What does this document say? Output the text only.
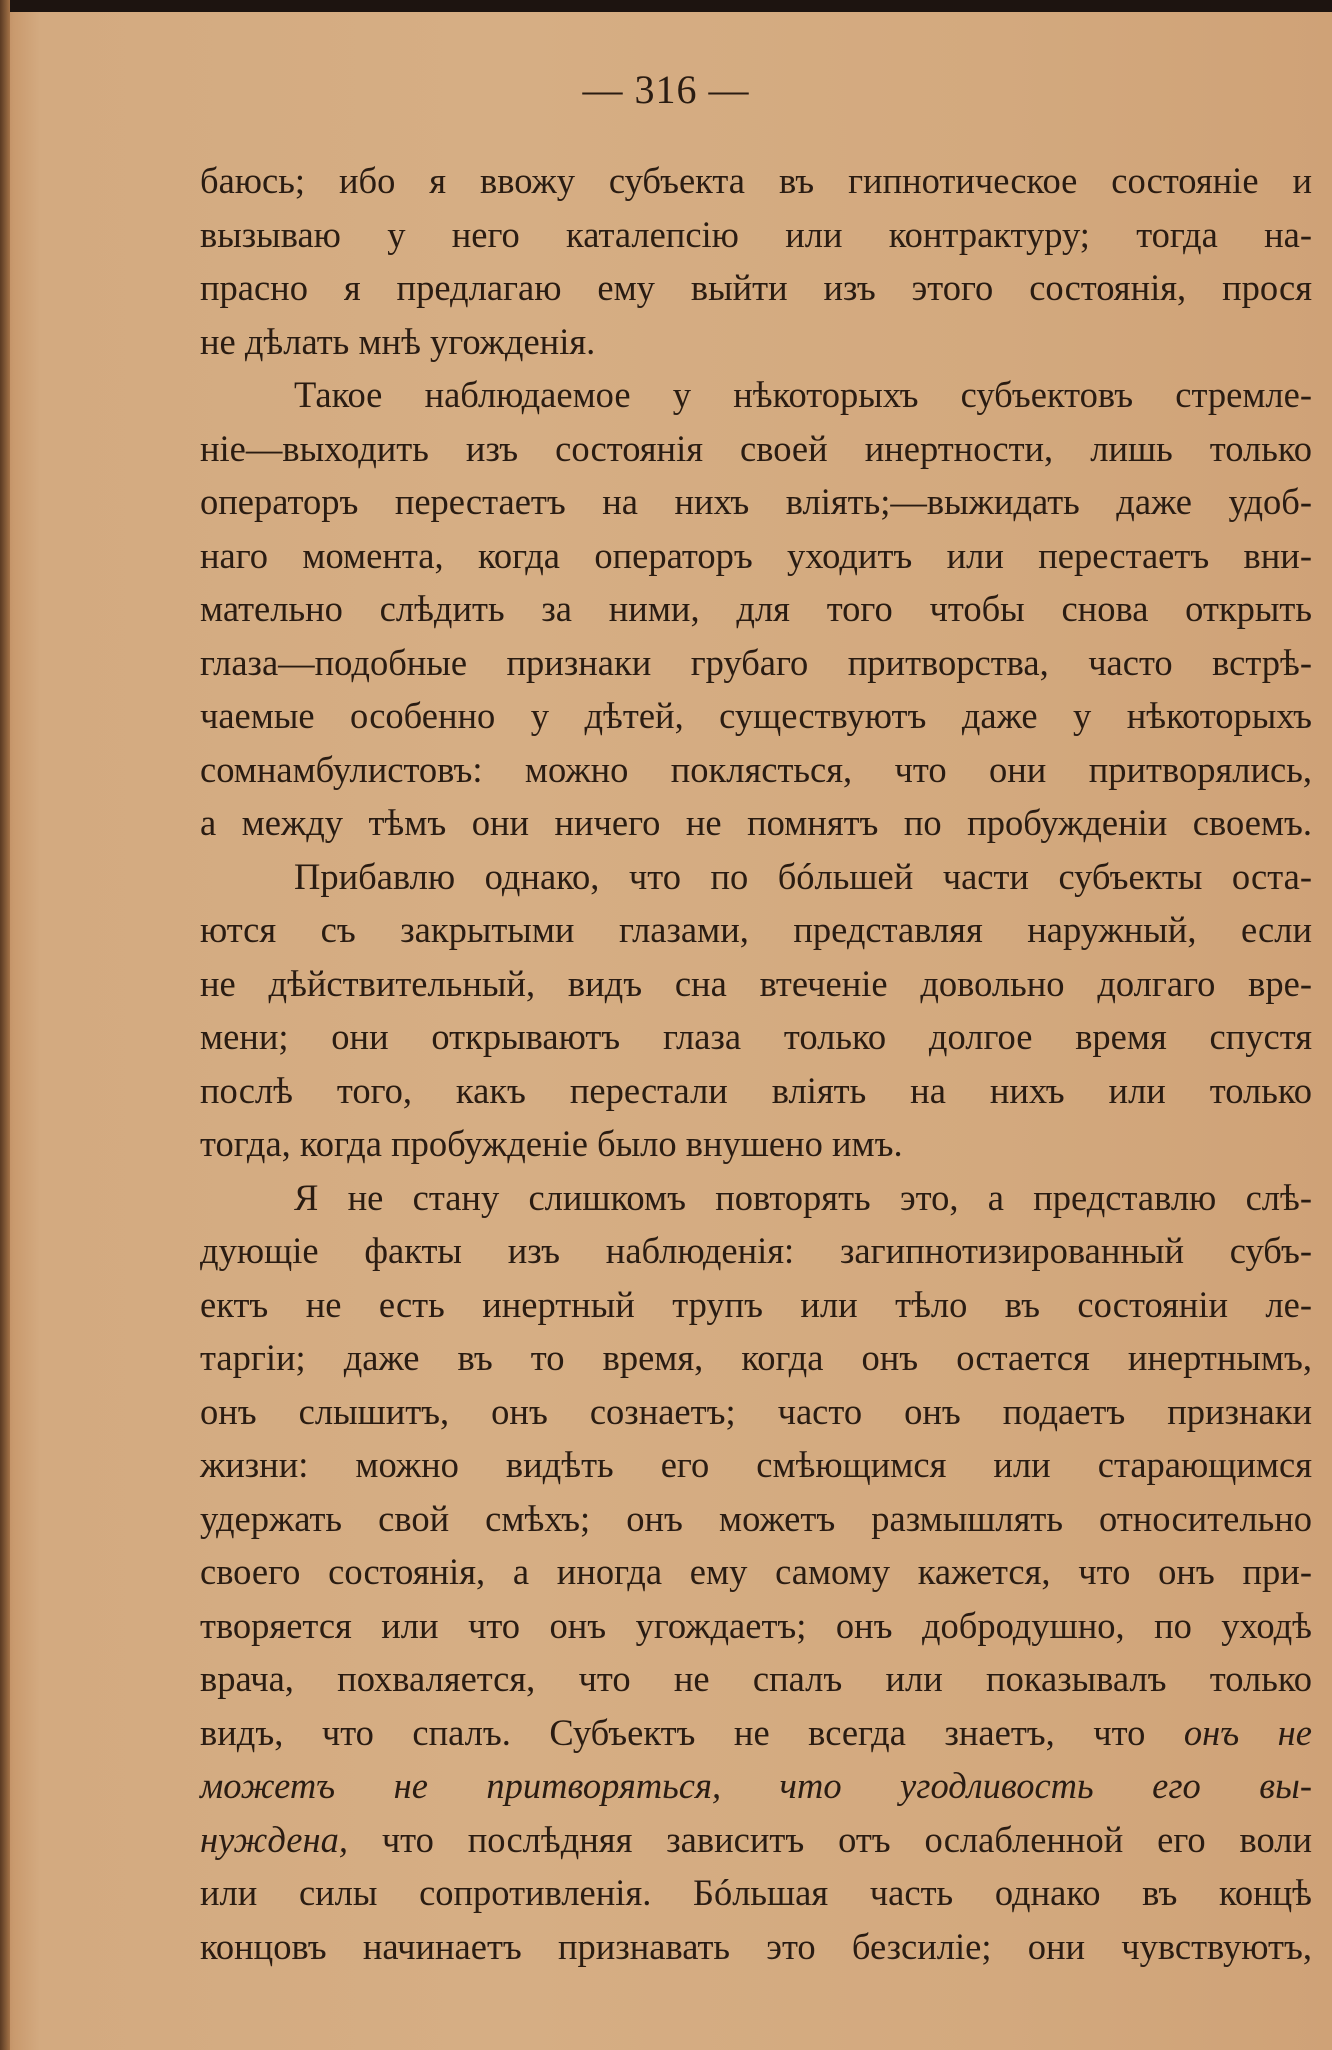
— 316 —
баюсь; ибо я ввожу субъекта въ гипнотическое состояніе и
вызываю у него каталепсію или контрактуру; тогда на-
прасно я предлагаю ему выйти изъ этого состоянія, прося
не дѣлать мнѣ угожденія.
Такое наблюдаемое у нѣкоторыхъ субъектовъ стремле-
ніе—выходить изъ состоянія своей инертности, лишь только
операторъ перестаетъ на нихъ влiять;—выжидать даже удоб-
наго момента, когда операторъ уходитъ или перестаетъ вни-
мательно слѣдить за ними, для того чтобы снова открыть
глаза—подобные признаки грубаго притворства, часто встрѣ-
чаемые особенно у дѣтей, существуютъ даже у нѣкоторыхъ
сомнамбулистовъ: можно поклясться, что они притворялись,
а между тѣмъ они ничего не помнятъ по пробужденіи своемъ.
Прибавлю однако, что по бóльшей части субъекты оста-
ются съ закрытыми глазами, представляя наружный, если
не дѣйствительный, видъ сна втеченіе довольно долгаго вре-
мени; они открываютъ глаза только долгое время спустя
послѣ того, какъ перестали влiять на нихъ или только
тогда, когда пробужденіе было внушено имъ.
Я не стану слишкомъ повторять это, а представлю слѣ-
дующіе факты изъ наблюденія: загипнотизированный субъ-
ектъ не есть инертный трупъ или тѣло въ состояніи ле-
таргіи; даже въ то время, когда онъ остается инертнымъ,
онъ слышитъ, онъ сознаетъ; часто онъ подаетъ признаки
жизни: можно видѣть его смѣющимся или старающимся
удержать свой смѣхъ; онъ можетъ размышлять относительно
своего состоянія, а иногда ему самому кажется, что онъ при-
творяется или что онъ угождаетъ; онъ добродушно, по уходѣ
врача, похваляется, что не спалъ или показывалъ только
видъ, что спалъ. Субъектъ не всегда знаетъ, что онъ не
можетъ не притворяться, что угодливость его вы-
нуждена, что послѣдняя зависитъ отъ ослабленной его воли
или силы сопротивленія. Бóльшая часть однако въ концѣ
концовъ начинаетъ признавать это безсиліе; они чувствуютъ,
